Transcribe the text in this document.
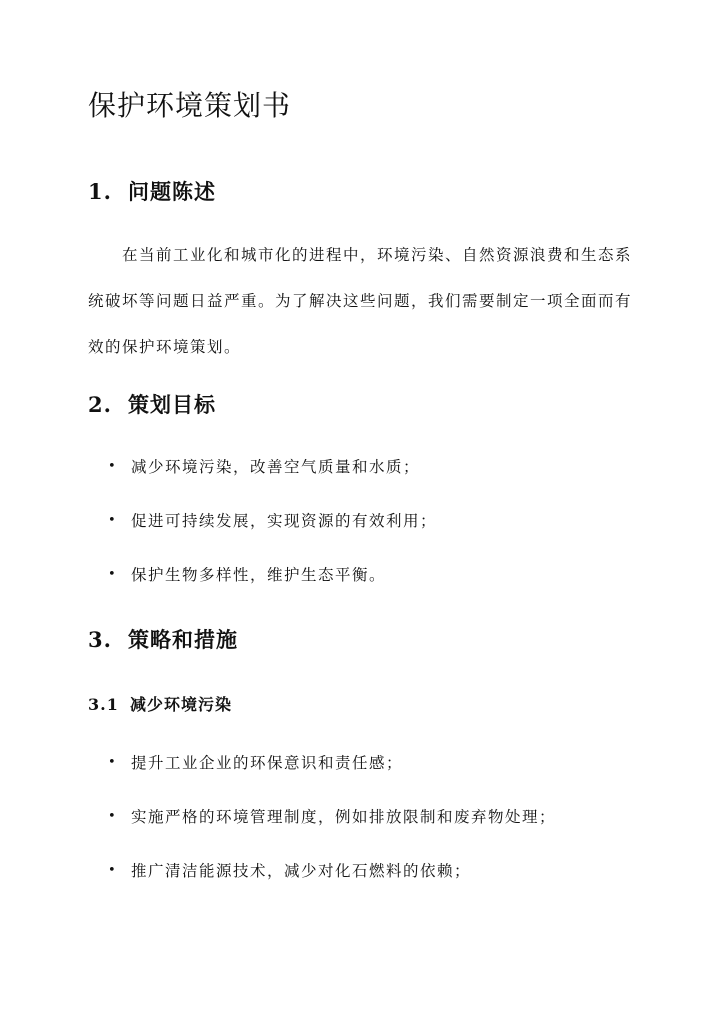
保护环境策划书
1. 问题陈述

在当前工业化和城市化的进程中，环境污染、自然资源浪费和生态系统破坏等问题日益严重。为了解决这些问题，我们需要制定一项全面而有效的保护环境策划。

2. 策划目标
• 减少环境污染，改善空气质量和水质；
• 促进可持续发展，实现资源的有效利用；
• 保护生物多样性，维护生态平衡。
3. 策略和措施
3.1 减少环境污染
• 提升工业企业的环保意识和责任感；
• 实施严格的环境管理制度，例如排放限制和废弃物处理；
• 推广清洁能源技术，减少对化石燃料的依赖；
